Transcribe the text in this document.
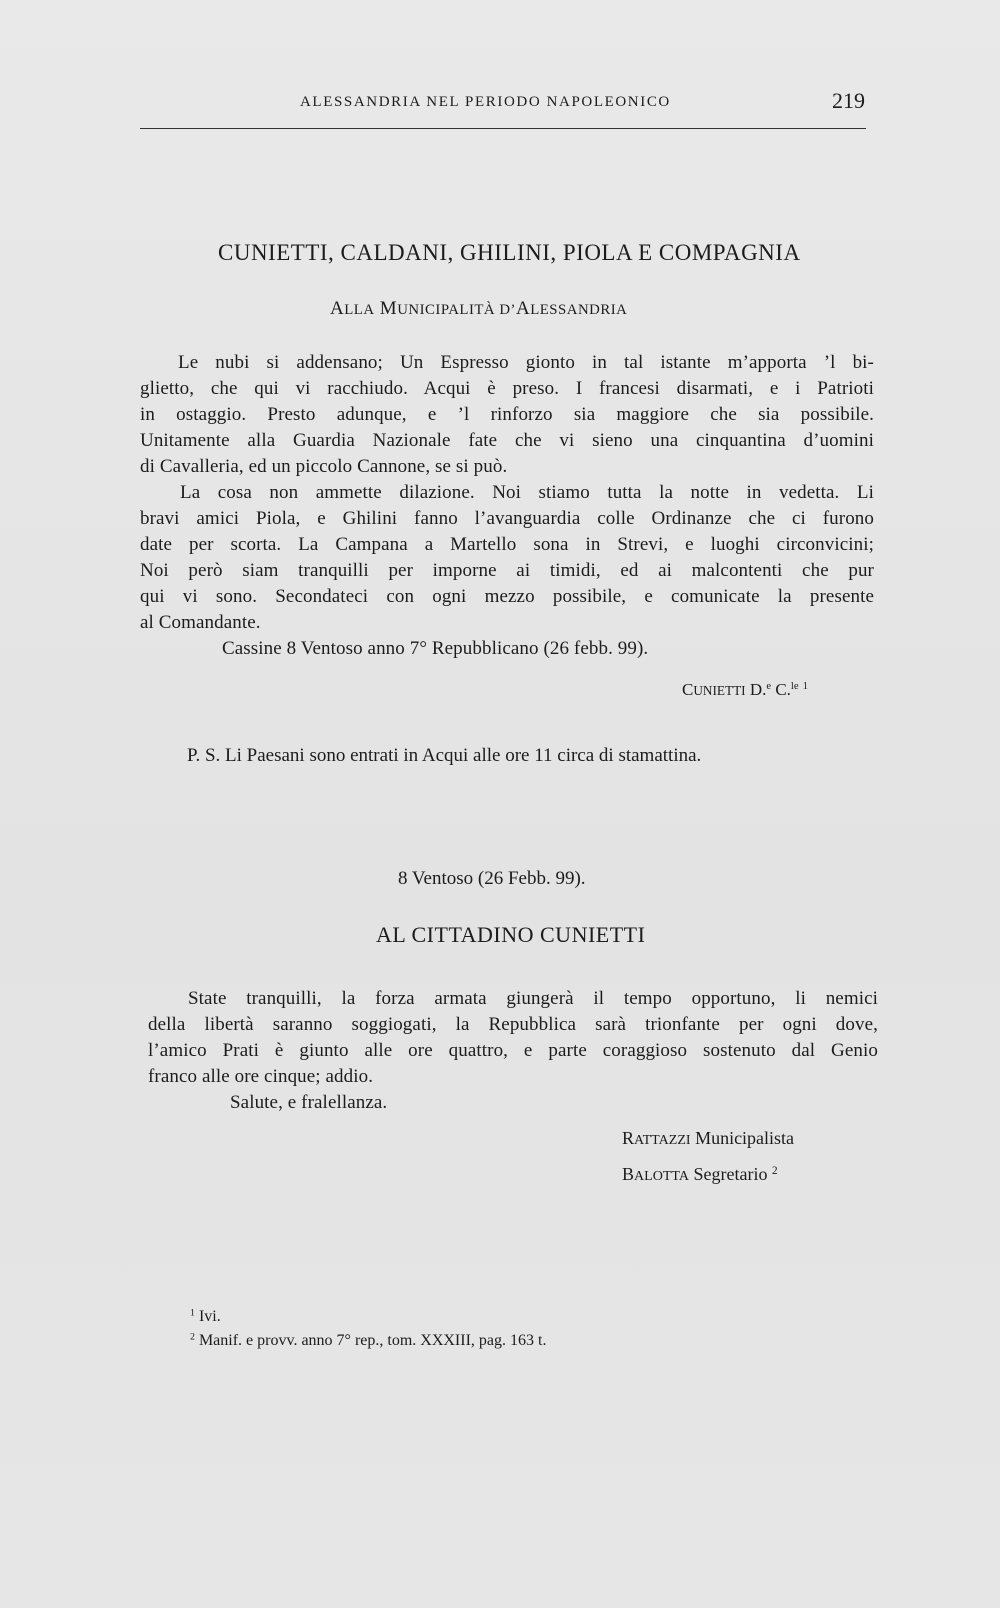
ALESSANDRIA NEL PERIODO NAPOLEONICO	219
CUNIETTI, CALDANI, GHILINI, PIOLA E COMPAGNIA
ALLA MUNICIPALITÀ D’ALESSANDRIA
Le nubi si addensano; Un Espresso gionto in tal istante m’apporta ’l bi-
glietto, che qui vi racchiudo. Acqui è preso. I francesi disarmati, e i Patrioti
in ostaggio. Presto adunque, e ’l rinforzo sia maggiore che sia possibile.
Unitamente alla Guardia Nazionale fate che vi sieno una cinquantina d’uomini
di Cavalleria, ed un piccolo Cannone, se si può.
La cosa non ammette dilazione. Noi stiamo tutta la notte in vedetta. Li
bravi amici Piola, e Ghilini fanno l’avanguardia colle Ordinanze che ci furono
date per scorta. La Campana a Martello sona in Strevi, e luoghi circonvicini;
Noi però siam tranquilli per imporne ai timidi, ed ai malcontenti che pur
qui vi sono. Secondateci con ogni mezzo possibile, e comunicate la presente
al Comandante.
Cassine 8 Ventoso anno 7° Repubblicano (26 febb. 99).
CUNIETTI D.$^e$ C.$^{le}$ $^1$
P. S. Li Paesani sono entrati in Acqui alle ore 11 circa di stamattina.
8 Ventoso (26 Febb. 99).
AL CITTADINO CUNIETTI
State tranquilli, la forza armata giungerà il tempo opportuno, li nemici
della libertà saranno soggiogati, la Repubblica sarà trionfante per ogni dove,
l’amico Prati è giunto alle ore quattro, e parte coraggioso sostenuto dal Genio
franco alle ore cinque; addio.
Salute, e fralellanza.
RATTAZZI Municipalista
BALOTTA Segretario $^2$
$^1$ Ivi.
$^2$ Manif. e provv. anno 7° rep., tom. XXXIII, pag. 163 t.
